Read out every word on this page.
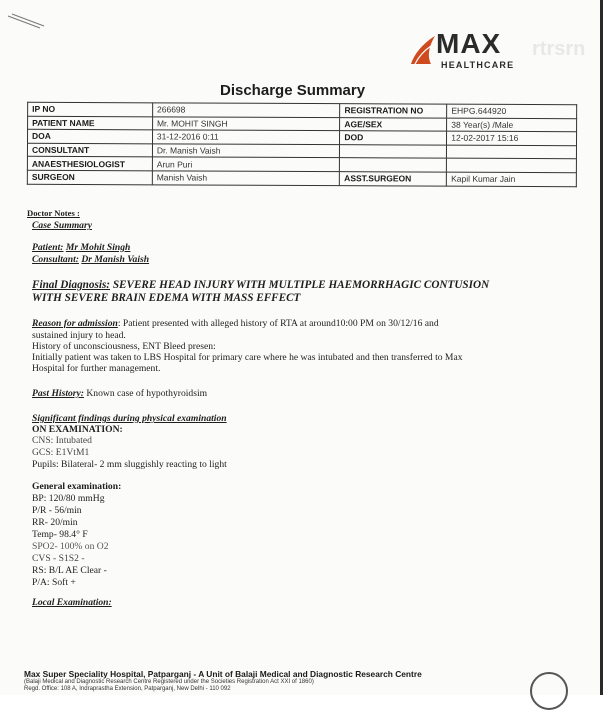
MAX
HEALTHCARE
rtrsrn
Discharge Summary
IP NO	266698	REGISTRATION NO	EHPG.644920
PATIENT NAME	Mr. MOHIT SINGH	AGE/SEX	38 Year(s) /Male
DOA	31-12-2016 0:11	DOD	12-02-2017 15:16
CONSULTANT	Dr. Manish Vaish		
ANAESTHESIOLOGIST	Arun Puri		
SURGEON	Manish Vaish	ASST.SURGEON	Kapil Kumar Jain
Doctor Notes :
Case Summary
Patient: Mr Mohit Singh
Consultant: Dr Manish Vaish
Final Diagnosis: SEVERE HEAD INJURY WITH MULTIPLE HAEMORRHAGIC CONTUSION
WITH SEVERE BRAIN EDEMA WITH MASS EFFECT
Reason for admission: Patient presented with alleged history of RTA at around10:00 PM on 30/12/16 and
sustained injury to head.
History of unconsciousness, ENT Bleed presen:
Initially patient was taken to LBS Hospital for primary care where he was intubated and then transferred to Max
Hospital for further management.
Past History: Known case of hypothyroidsim
Significant findings during physical examination
ON EXAMINATION:
CNS: Intubated
GCS: E1VtM1
Pupils: Bilateral- 2 mm sluggishly reacting to light
General examination:
BP: 120/80 mmHg
P/R - 56/min
RR- 20/min
Temp- 98.4° F
SPO2- 100% on O2
CVS - S1S2 -
RS: B/L AE Clear -
P/A: Soft +
Local Examination:
Max Super Speciality Hospital, Patparganj - A Unit of Balaji Medical and Diagnostic Research Centre
(Balaji Medical and Diagnostic Research Centre Registered under the Societies Registration Act XXI of 1860)
Regd. Office: 108 A, Indraprastha Extension, Patparganj, New Delhi - 110 092
